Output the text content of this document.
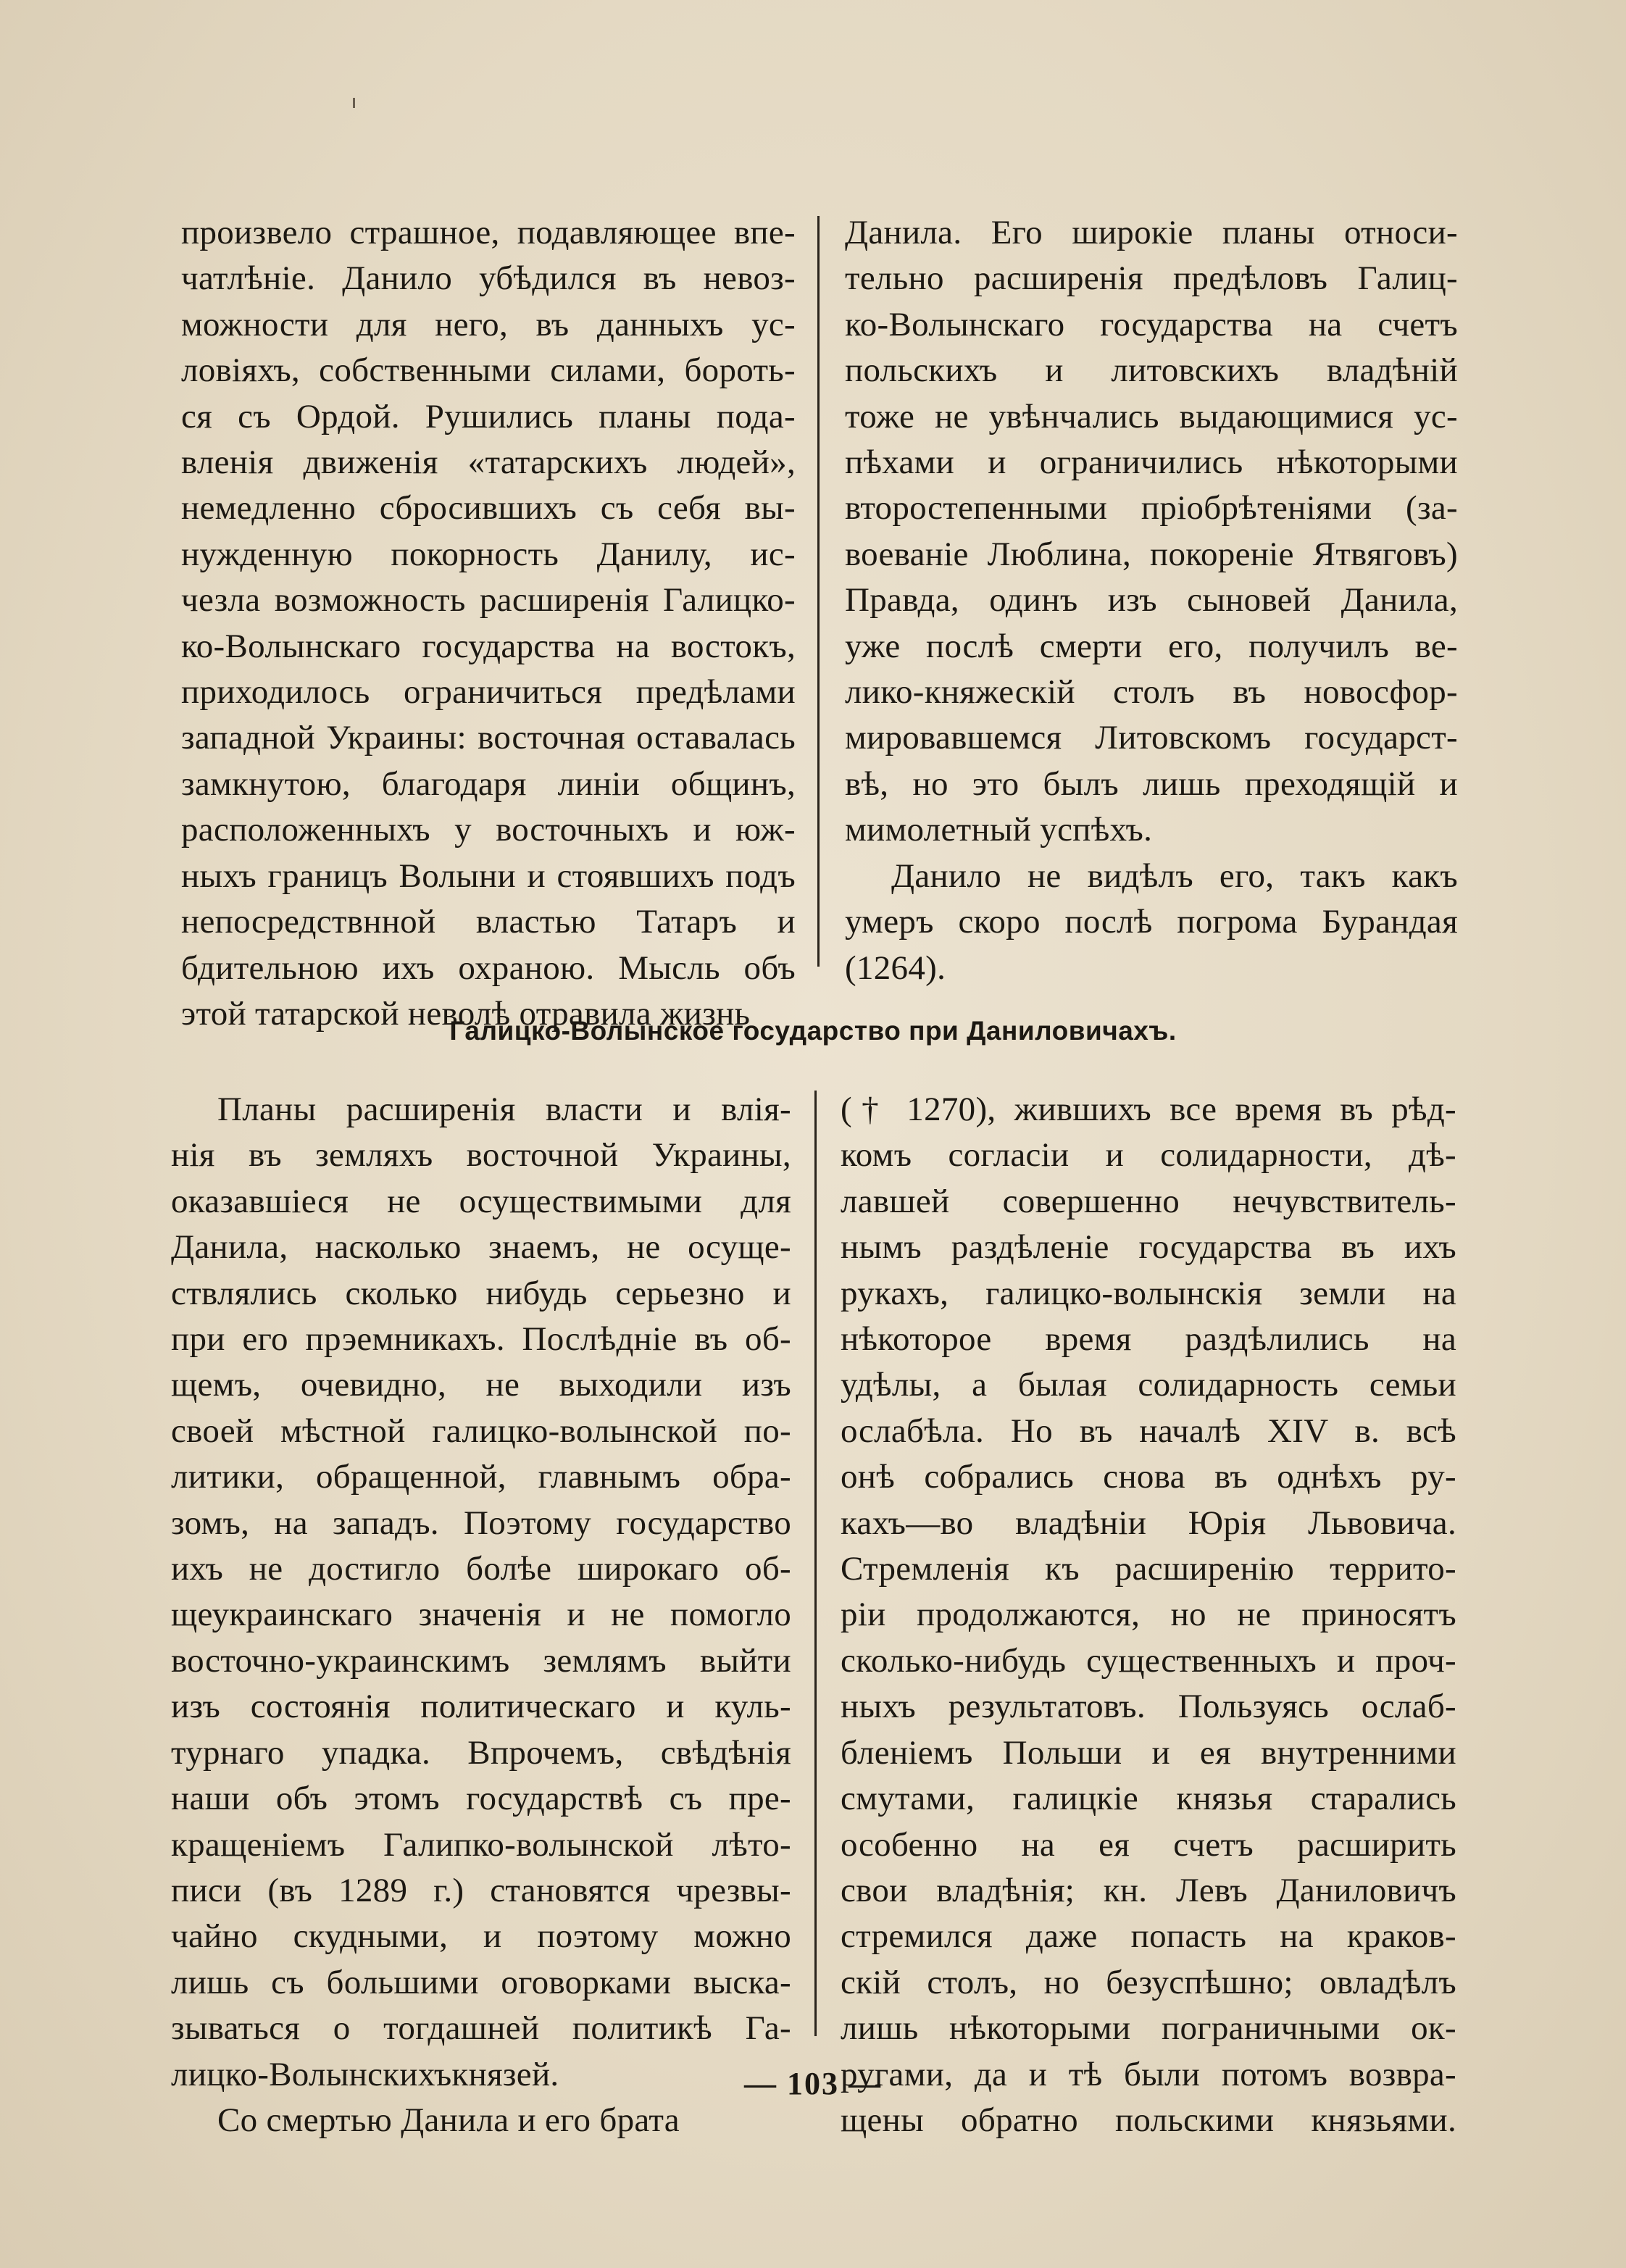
произвело страшное, подавляющее впе-

чатлѣніе. Данило убѣдился въ невоз-

можности для него, въ данныхъ ус-

ловіяхъ, собственными силами, бороть-

ся съ Ордой. Рушились планы пода-

вленія движенія «татарскихъ людей»,

немедленно сбросившихъ съ себя вы-

нужденную покорность Данилу, ис-

чезла возможность расширенія Галицко-

ко-Волынскаго государства на востокъ,

приходилось ограничиться предѣлами

западной Украины: восточная оставалась

замкнутою, благодаря линіи общинъ,

расположенныхъ у восточныхъ и юж-

ныхъ границъ Волыни и стоявшихъ подъ

непосредствнной властью Татаръ и

бдительною ихъ охраною. Мысль объ

этой татарской неволѣ отравила жизнь

Данила. Его широкіе планы относи-

тельно расширенія предѣловъ Галиц-

ко-Волынскаго государства на счетъ

польскихъ и литовскихъ владѣній

тоже не увѣнчались выдающимися ус-

пѣхами и ограничились нѣкоторыми

второстепенными пріобрѣтеніями (за-

воеваніе Люблина, покореніе Ятвяговъ)

Правда, одинъ изъ сыновей Данила,

уже послѣ смерти его, получилъ ве-

лико-княжескій столъ въ новосфор-

мировавшемся Литовскомъ государст-

вѣ, но это былъ лишь преходящій и

мимолетный успѣхъ.

Данило не видѣлъ его, такъ какъ

умеръ скоро послѣ погрома Бурандая

(1264).

Галицко-Волынское государство при Даниловичахъ.

Планы расширенія власти и влія-

нія въ земляхъ восточной Украины,

оказавшіеся не осуществимыми для

Данила, насколько знаемъ, не осуще-

ствлялись сколько нибудь серьезно и

при его прэемникахъ. Послѣдніе въ об-

щемъ, очевидно, не выходили изъ

своей мѣстной галицко-волынской по-

литики, обращенной, главнымъ обра-

зомъ, на западъ. Поэтому государство

ихъ не достигло болѣе широкаго об-

щеукраинскаго значенія и не помогло

восточно-украинскимъ землямъ выйти

изъ состоянія политическаго и куль-

турнаго упадка. Впрочемъ, свѣдѣнія

наши объ этомъ государствѣ съ пре-

кращеніемъ Галипко-волынской лѣто-

писи (въ 1289 г.) становятся чрезвы-

чайно скудными, и поэтому можно

лишь съ большими оговорками выска-

зываться о тогдашней политикѣ Га-

лицко-Волынскихъкнязей.

Со смертью Данила и его брата

(† 1270), жившихъ все время въ рѣд-

комъ согласіи и солидарности, дѣ-

лавшей совершенно нечувствитель-

нымъ раздѣленіе государства въ ихъ

рукахъ, галицко-волынскія земли на

нѣкоторое время раздѣлились на

удѣлы, а былая солидарность семьи

ослабѣла. Но въ началѣ XIV в. всѣ

онѣ собрались снова въ однѣхъ ру-

кахъ—во владѣніи Юрія Львовича.

Стремленія къ расширенію террито-

ріи продолжаются, но не приносятъ

сколько-нибудь существенныхъ и проч-

ныхъ результатовъ. Пользуясь ослаб-

бленіемъ Польши и ея внутренними

смутами, галицкіе князья старались

особенно на ея счетъ расширить

свои владѣнія; кн. Левъ Даниловичъ

стремился даже попасть на краков-

скій столъ, но безуспѣшно; овладѣлъ

лишь нѣкоторыми пограничными ок-

ругами, да и тѣ были потомъ возвра-

щены обратно польскими князьями.

— 103 —
